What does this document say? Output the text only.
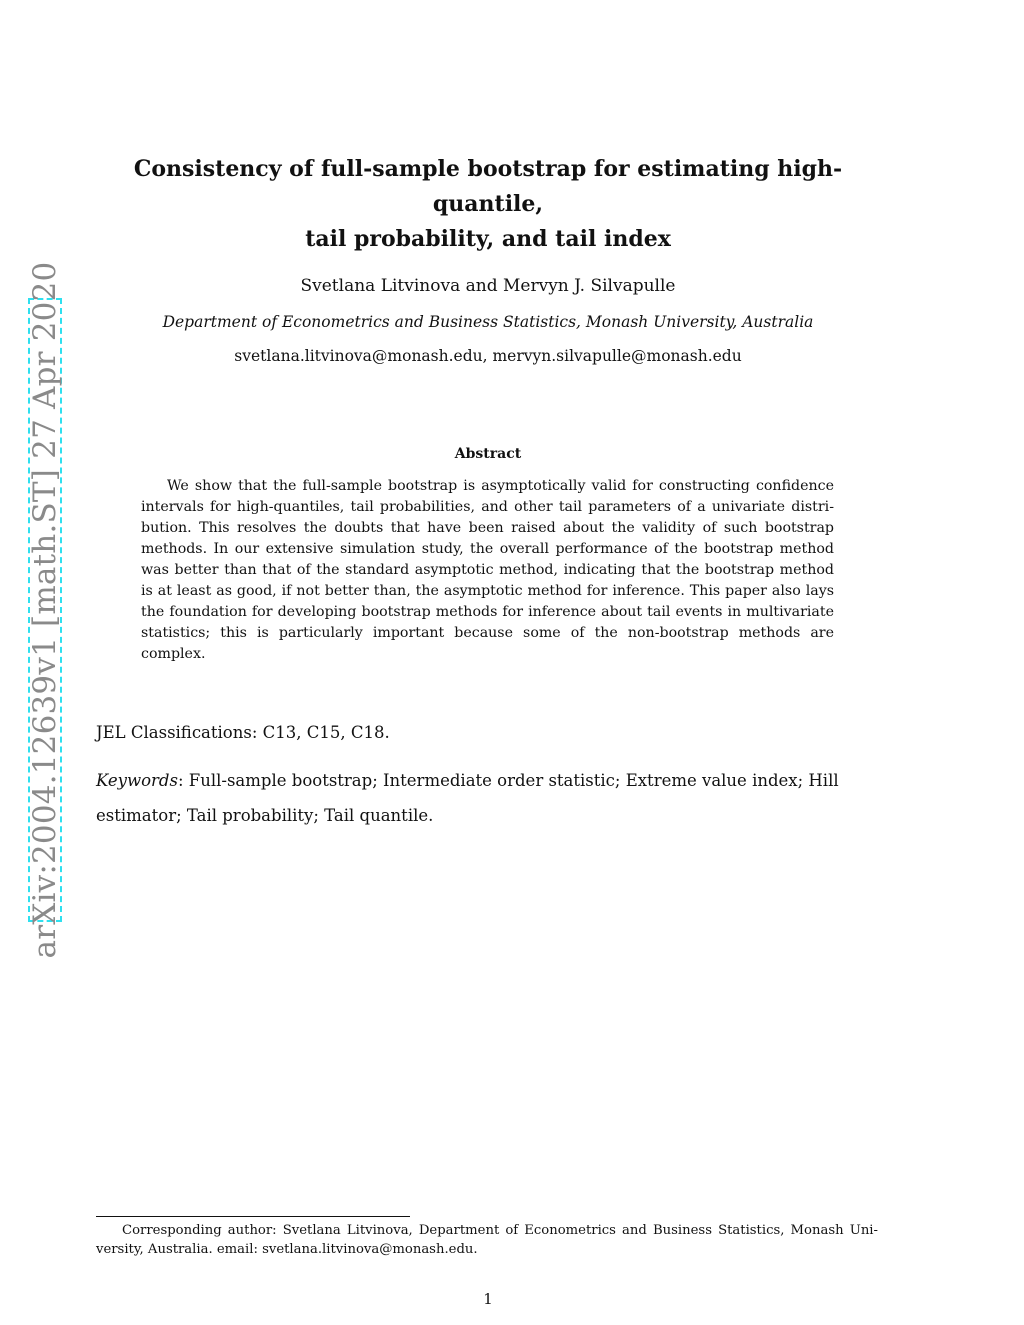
arXiv:2004.12639v1 [math.ST] 27 Apr 2020
Consistency of full-sample bootstrap for estimating high-quantile,
tail probability, and tail index
Svetlana Litvinova and Mervyn J. Silvapulle
Department of Econometrics and Business Statistics, Monash University, Australia
svetlana.litvinova@monash.edu, mervyn.silvapulle@monash.edu
Abstract
We show that the full-sample bootstrap is asymptotically valid for constructing confidence intervals for high-quantiles, tail probabilities, and other tail parameters of a univariate distribution. This resolves the doubts that have been raised about the validity of such bootstrap methods. In our extensive simulation study, the overall performance of the bootstrap method was better than that of the standard asymptotic method, indicating that the bootstrap method is at least as good, if not better than, the asymptotic method for inference. This paper also lays the foundation for developing bootstrap methods for inference about tail events in multivariate statistics; this is particularly important because some of the non-bootstrap methods are complex.
JEL Classifications: C13, C15, C18.
Keywords: Full-sample bootstrap; Intermediate order statistic; Extreme value index; Hill estimator; Tail probability; Tail quantile.
Corresponding author: Svetlana Litvinova, Department of Econometrics and Business Statistics, Monash University, Australia. email: svetlana.litvinova@monash.edu.
1
